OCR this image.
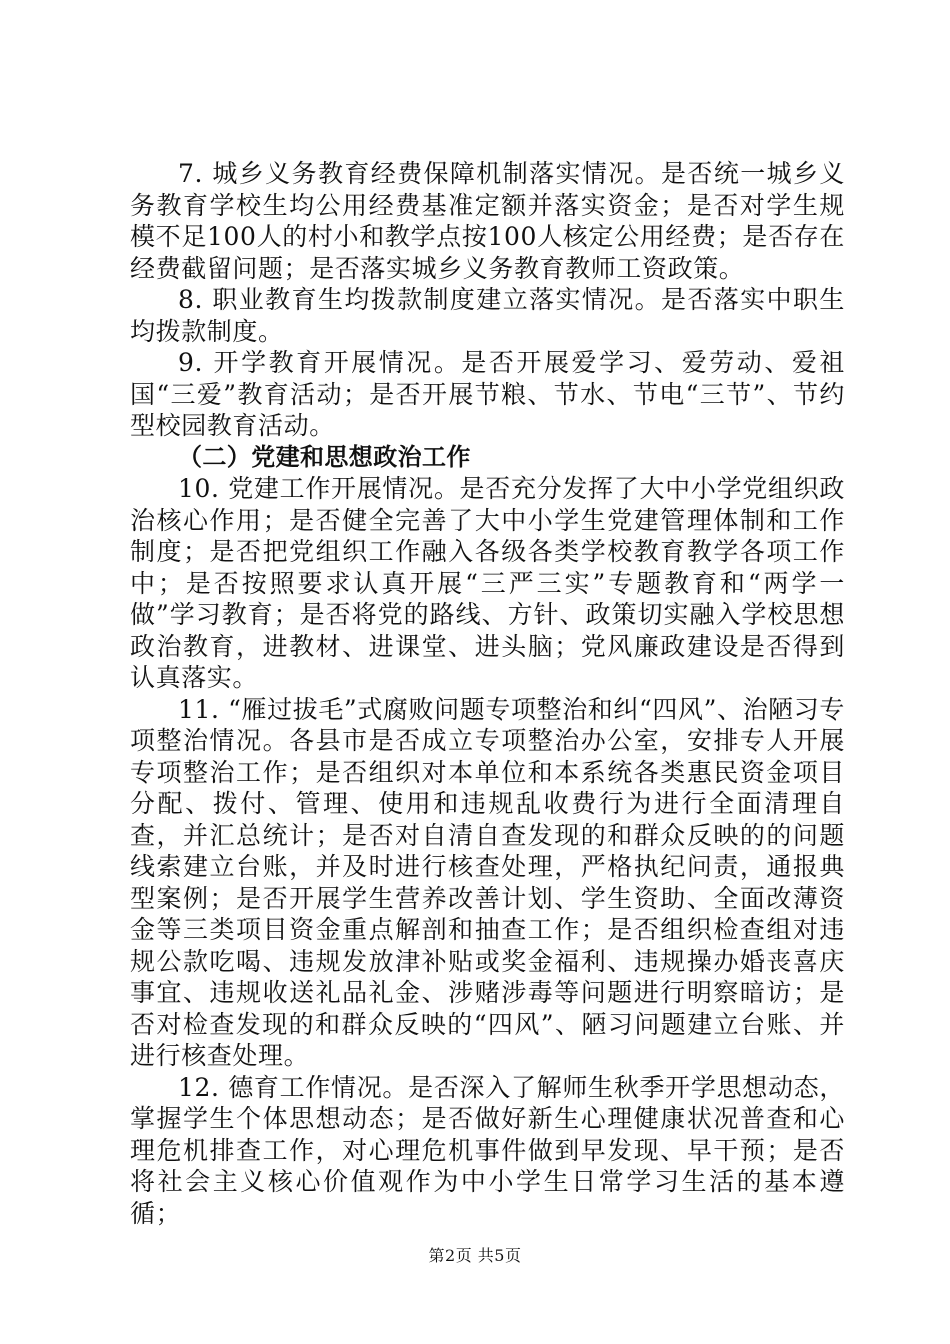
7. 城乡义务教育经费保障机制落实情况。是否统一城乡义务教育学校生均公用经费基准定额并落实资金；是否对学生规模不足100人的村小和教学点按100人核定公用经费；是否存在经费截留问题；是否落实城乡义务教育教师工资政策。

8. 职业教育生均拨款制度建立落实情况。是否落实中职生均拨款制度。

9. 开学教育开展情况。是否开展爱学习、爱劳动、爱祖国“三爱”教育活动；是否开展节粮、节水、节电“三节”、节约型校园教育活动。

（二）党建和思想政治工作

10. 党建工作开展情况。是否充分发挥了大中小学党组织政治核心作用；是否健全完善了大中小学生党建管理体制和工作制度；是否把党组织工作融入各级各类学校教育教学各项工作中；是否按照要求认真开展“三严三实”专题教育和“两学一做”学习教育；是否将党的路线、方针、政策切实融入学校思想政治教育，进教材、进课堂、进头脑；党风廉政建设是否得到认真落实。

11. “雁过拔毛”式腐败问题专项整治和纠“四风”、治陋习专项整治情况。各县市是否成立专项整治办公室，安排专人开展专项整治工作；是否组织对本单位和本系统各类惠民资金项目分配、拨付、管理、使用和违规乱收费行为进行全面清理自查，并汇总统计；是否对自清自查发现的和群众反映的的问题线索建立台账，并及时进行核查处理，严格执纪问责，通报典型案例；是否开展学生营养改善计划、学生资助、全面改薄资金等三类项目资金重点解剖和抽查工作；是否组织检查组对违规公款吃喝、违规发放津补贴或奖金福利、违规操办婚丧喜庆事宜、违规收送礼品礼金、涉赌涉毒等问题进行明察暗访；是否对检查发现的和群众反映的“四风”、陋习问题建立台账、并进行核查处理。

12. 德育工作情况。是否深入了解师生秋季开学思想动态，掌握学生个体思想动态；是否做好新生心理健康状况普查和心理危机排查工作，对心理危机事件做到早发现、早干预；是否将社会主义核心价值观作为中小学生日常学习生活的基本遵循；

第2页 共5页
